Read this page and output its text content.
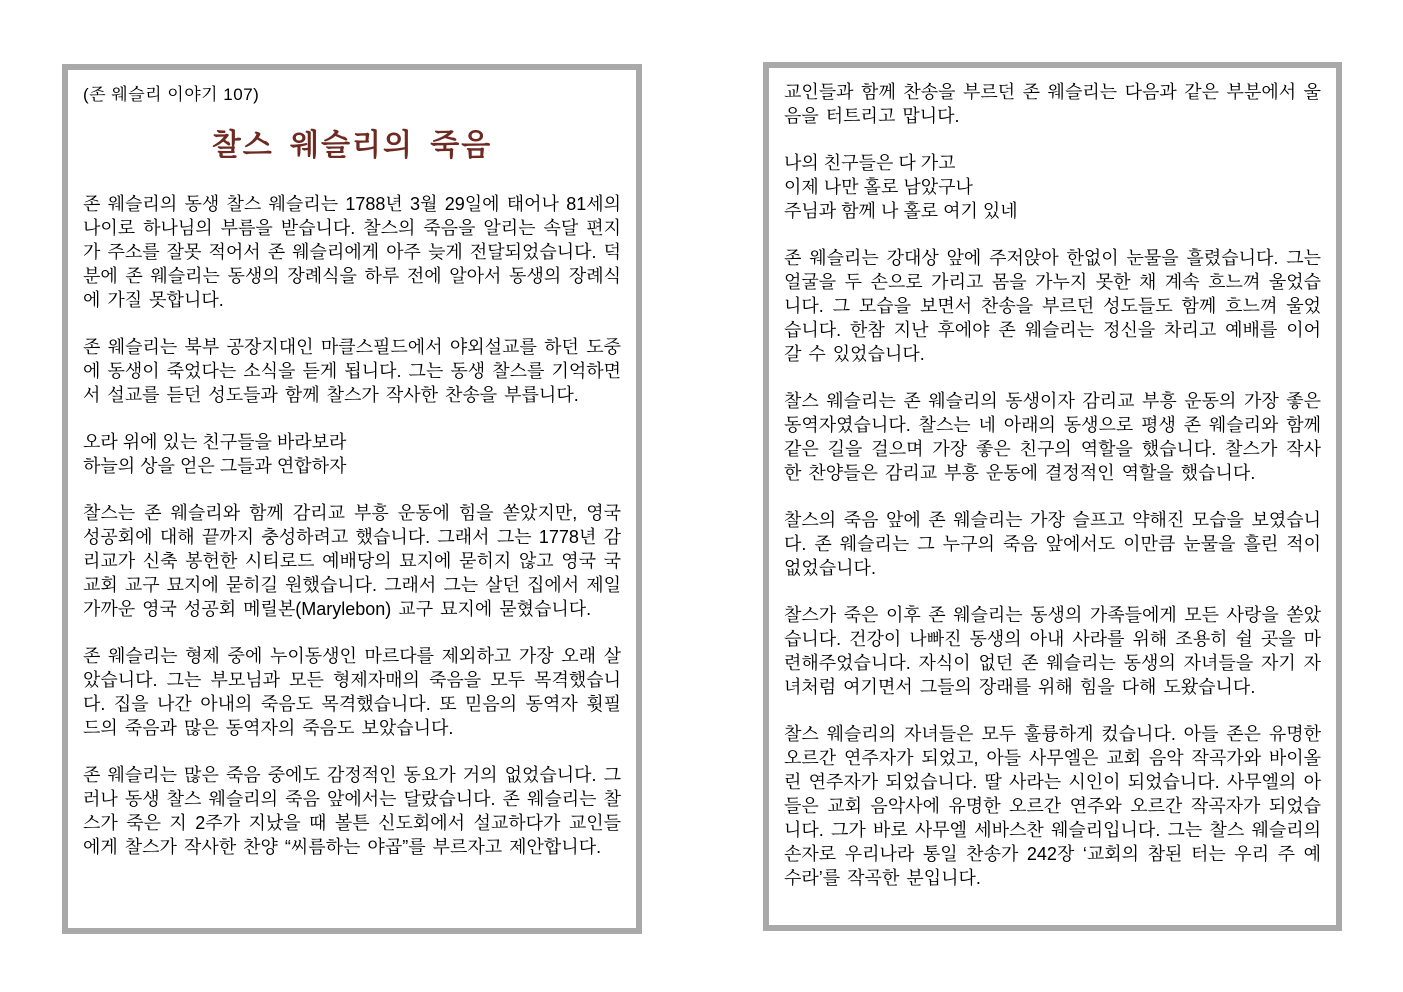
(존 웨슬리 이야기 107)
찰스 웨슬리의 죽음

존 웨슬리의 동생 찰스 웨슬리는 1788년 3월 29일에 태어나 81세의 나이로 하나님의 부름을 받습니다. 찰스의 죽음을 알리는 속달 편지가 주소를 잘못 적어서 존 웨슬리에게 아주 늦게 전달되었습니다. 덕분에 존 웨슬리는 동생의 장례식을 하루 전에 알아서 동생의 장례식에 가질 못합니다.

존 웨슬리는 북부 공장지대인 마클스필드에서 야외설교를 하던 도중에 동생이 죽었다는 소식을 듣게 됩니다. 그는 동생 찰스를 기억하면서 설교를 듣던 성도들과 함께 찰스가 작사한 찬송을 부릅니다.

오라 위에 있는 친구들을 바라보라
하늘의 상을 얻은 그들과 연합하자

찰스는 존 웨슬리와 함께 감리교 부흥 운동에 힘을 쏟았지만, 영국 성공회에 대해 끝까지 충성하려고 했습니다. 그래서 그는 1778년 감리교가 신축 봉헌한 시티로드 예배당의 묘지에 묻히지 않고 영국 국교회 교구 묘지에 묻히길 원했습니다. 그래서 그는 살던 집에서 제일 가까운 영국 성공회 메릴본(Marylebon) 교구 묘지에 묻혔습니다.

존 웨슬리는 형제 중에 누이동생인 마르다를 제외하고 가장 오래 살았습니다. 그는 부모님과 모든 형제자매의 죽음을 모두 목격했습니다. 집을 나간 아내의 죽음도 목격했습니다. 또 믿음의 동역자 휫필드의 죽음과 많은 동역자의 죽음도 보았습니다.

존 웨슬리는 많은 죽음 중에도 감정적인 동요가 거의 없었습니다. 그러나 동생 찰스 웨슬리의 죽음 앞에서는 달랐습니다. 존 웨슬리는 찰스가 죽은 지 2주가 지났을 때 볼튼 신도회에서 설교하다가 교인들에게 찰스가 작사한 찬양 “씨름하는 야곱”를 부르자고 제안합니다.

교인들과 함께 찬송을 부르던 존 웨슬리는 다음과 같은 부분에서 울음을 터트리고 맙니다.

나의 친구들은 다 가고
이제 나만 홀로 남았구나
주님과 함께 나 홀로 여기 있네

존 웨슬리는 강대상 앞에 주저앉아 한없이 눈물을 흘렸습니다. 그는 얼굴을 두 손으로 가리고 몸을 가누지 못한 채 계속 흐느껴 울었습니다. 그 모습을 보면서 찬송을 부르던 성도들도 함께 흐느껴 울었습니다. 한참 지난 후에야 존 웨슬리는 정신을 차리고 예배를 이어갈 수 있었습니다.

찰스 웨슬리는 존 웨슬리의 동생이자 감리교 부흥 운동의 가장 좋은 동역자였습니다. 찰스는 네 아래의 동생으로 평생 존 웨슬리와 함께 같은 길을 걸으며 가장 좋은 친구의 역할을 했습니다. 찰스가 작사한 찬양들은 감리교 부흥 운동에 결정적인 역할을 했습니다.

찰스의 죽음 앞에 존 웨슬리는 가장 슬프고 약해진 모습을 보였습니다. 존 웨슬리는 그 누구의 죽음 앞에서도 이만큼 눈물을 흘린 적이 없었습니다.

찰스가 죽은 이후 존 웨슬리는 동생의 가족들에게 모든 사랑을 쏟았습니다. 건강이 나빠진 동생의 아내 사라를 위해 조용히 쉴 곳을 마련해주었습니다. 자식이 없던 존 웨슬리는 동생의 자녀들을 자기 자녀처럼 여기면서 그들의 장래를 위해 힘을 다해 도왔습니다.

찰스 웨슬리의 자녀들은 모두 훌륭하게 컸습니다. 아들 존은 유명한 오르간 연주자가 되었고, 아들 사무엘은 교회 음악 작곡가와 바이올린 연주자가 되었습니다. 딸 사라는 시인이 되었습니다. 사무엘의 아들은 교회 음악사에 유명한 오르간 연주와 오르간 작곡자가 되었습니다. 그가 바로 사무엘 세바스찬 웨슬리입니다. 그는 찰스 웨슬리의 손자로 우리나라 통일 찬송가 242장 ‘교회의 참된 터는 우리 주 예수라’를 작곡한 분입니다.
